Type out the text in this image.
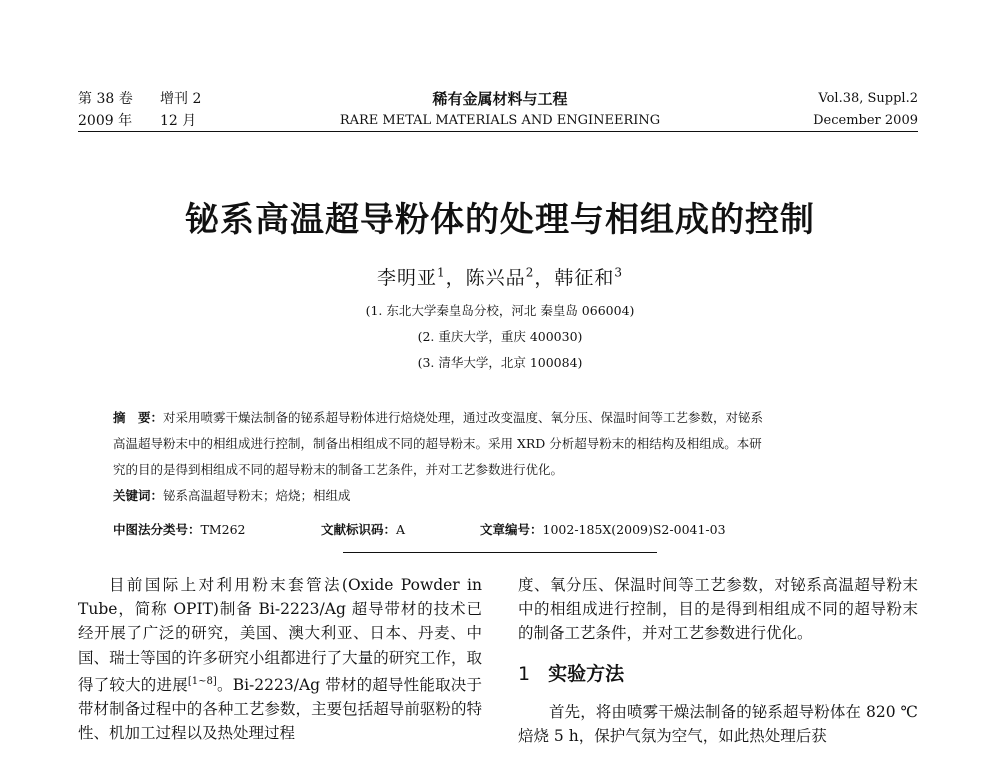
第 38 卷 增刊 2
2009 年 12 月
稀有金属材料与工程
RARE METAL MATERIALS AND ENGINEERING
Vol.38, Suppl.2
December 2009
铋系高温超导粉体的处理与相组成的控制
李明亚$^1$，陈兴品$^2$，韩征和$^3$
(1. 东北大学秦皇岛分校，河北 秦皇岛 066004)
(2. 重庆大学，重庆 400030)
(3. 清华大学，北京 100084)
摘　要：对采用喷雾干燥法制备的铋系超导粉体进行焙烧处理，通过改变温度、氧分压、保温时间等工艺参数，对铋系
高温超导粉末中的相组成进行控制，制备出相组成不同的超导粉末。采用 XRD 分析超导粉末的相结构及相组成。本研
究的目的是得到相组成不同的超导粉末的制备工艺条件，并对工艺参数进行优化。
关键词：铋系高温超导粉末；焙烧；相组成
中图法分类号：TM262	文献标识码：A	文章编号：1002-185X(2009)S2-0041-03

目前国际上对利用粉末套管法(Oxide Powder in Tube，简称 OPIT)制备 Bi-2223/Ag 超导带材的技术已经开展了广泛的研究，美国、澳大利亚、日本、丹麦、中国、瑞士等国的许多研究小组都进行了大量的研究工作，取得了较大的进展[1~8]。Bi-2223/Ag 带材的超导性能取决于带材制备过程中的各种工艺参数，主要包括超导前驱粉的特性、机加工过程以及热处理过程

度、氧分压、保温时间等工艺参数，对铋系高温超导粉末中的相组成进行控制，目的是得到相组成不同的超导粉末的制备工艺条件，并对工艺参数进行优化。

1 实验方法

首先，将由喷雾干燥法制备的铋系超导粉体在 820 ℃焙烧 5 h，保护气氛为空气，如此热处理后获
